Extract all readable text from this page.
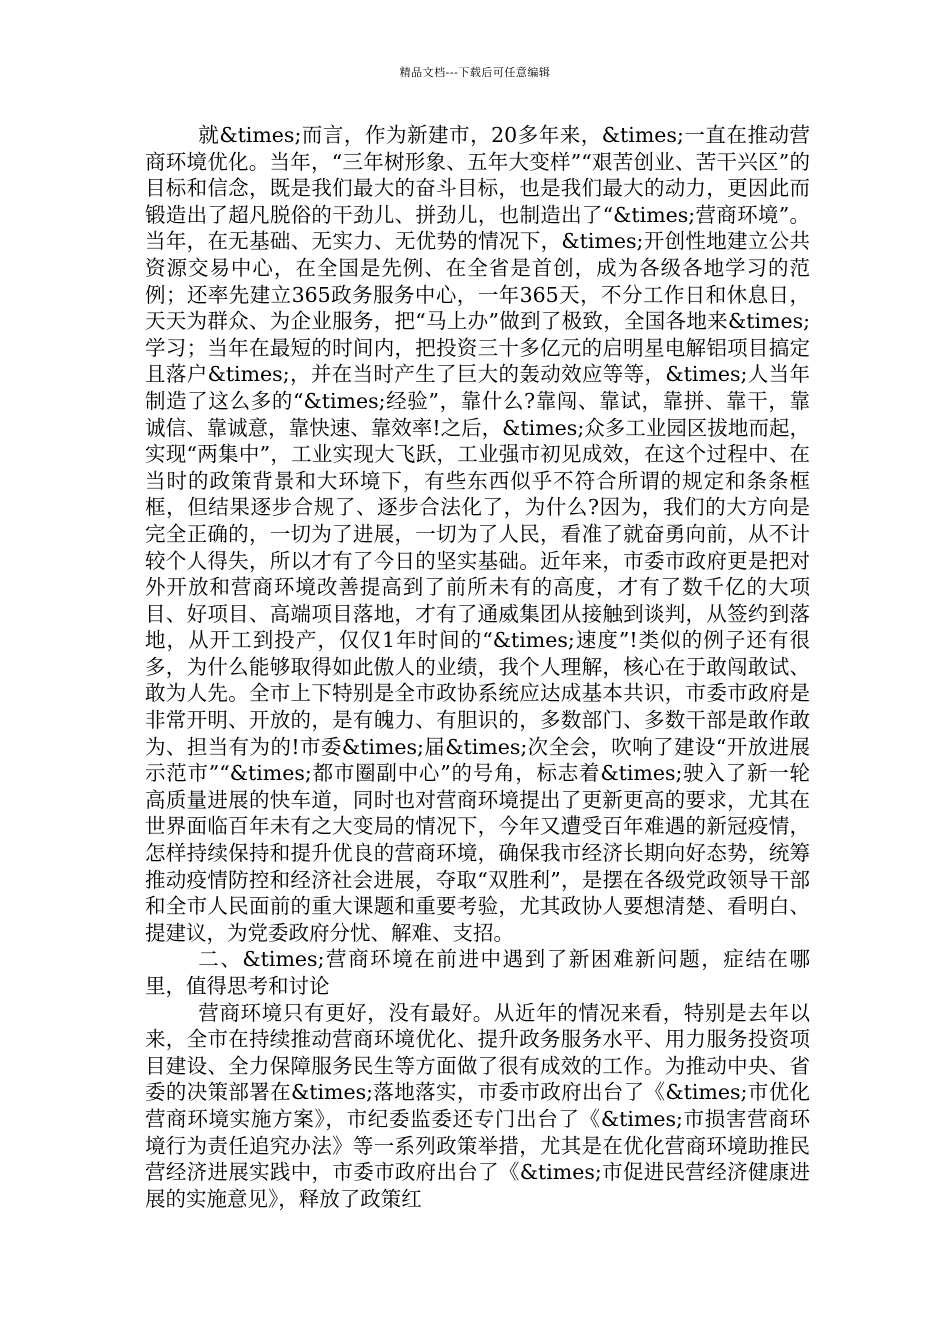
精品文档---下载后可任意编辑

就&times;而言，作为新建市，20多年来，&times;一直在推动营商环境优化。当年，“三年树形象、五年大变样”“艰苦创业、苦干兴区”的目标和信念，既是我们最大的奋斗目标，也是我们最大的动力，更因此而锻造出了超凡脱俗的干劲儿、拼劲儿，也制造出了“&times;营商环境”。当年，在无基础、无实力、无优势的情况下，&times;开创性地建立公共资源交易中心，在全国是先例、在全省是首创，成为各级各地学习的范例；还率先建立365政务服务中心，一年365天，不分工作日和休息日，天天为群众、为企业服务，把“马上办”做到了极致，全国各地来&times;学习；当年在最短的时间内，把投资三十多亿元的启明星电解铝项目搞定且落户&times;，并在当时产生了巨大的轰动效应等等，&times;人当年制造了这么多的“&times;经验”，靠什么?靠闯、靠试，靠拼、靠干，靠诚信、靠诚意，靠快速、靠效率!之后，&times;众多工业园区拔地而起，实现“两集中”，工业实现大飞跃，工业强市初见成效，在这个过程中、在当时的政策背景和大环境下，有些东西似乎不符合所谓的规定和条条框框，但结果逐步合规了、逐步合法化了，为什么?因为，我们的大方向是完全正确的，一切为了进展，一切为了人民，看准了就奋勇向前，从不计较个人得失，所以才有了今日的坚实基础。近年来，市委市政府更是把对外开放和营商环境改善提高到了前所未有的高度，才有了数千亿的大项目、好项目、高端项目落地，才有了通威集团从接触到谈判，从签约到落地，从开工到投产，仅仅1年时间的“&times;速度”!类似的例子还有很多，为什么能够取得如此傲人的业绩，我个人理解，核心在于敢闯敢试、敢为人先。全市上下特别是全市政协系统应达成基本共识，市委市政府是非常开明、开放的，是有魄力、有胆识的，多数部门、多数干部是敢作敢为、担当有为的!市委&times;届&times;次全会，吹响了建设“开放进展示范市”“&times;都市圈副中心”的号角，标志着&times;驶入了新一轮高质量进展的快车道，同时也对营商环境提出了更新更高的要求，尤其在世界面临百年未有之大变局的情况下，今年又遭受百年难遇的新冠疫情，怎样持续保持和提升优良的营商环境，确保我市经济长期向好态势，统筹推动疫情防控和经济社会进展，夺取“双胜利”，是摆在各级党政领导干部和全市人民面前的重大课题和重要考验，尤其政协人要想清楚、看明白、提建议，为党委政府分忧、解难、支招。

二、&times;营商环境在前进中遇到了新困难新问题，症结在哪里，值得思考和讨论

营商环境只有更好，没有最好。从近年的情况来看，特别是去年以来，全市在持续推动营商环境优化、提升政务服务水平、用力服务投资项目建设、全力保障服务民生等方面做了很有成效的工作。为推动中央、省委的决策部署在&times;落地落实，市委市政府出台了《&times;市优化营商环境实施方案》，市纪委监委还专门出台了《&times;市损害营商环境行为责任追究办法》等一系列政策举措，尤其是在优化营商环境助推民营经济进展实践中，市委市政府出台了《&times;市促进民营经济健康进展的实施意见》，释放了政策红
